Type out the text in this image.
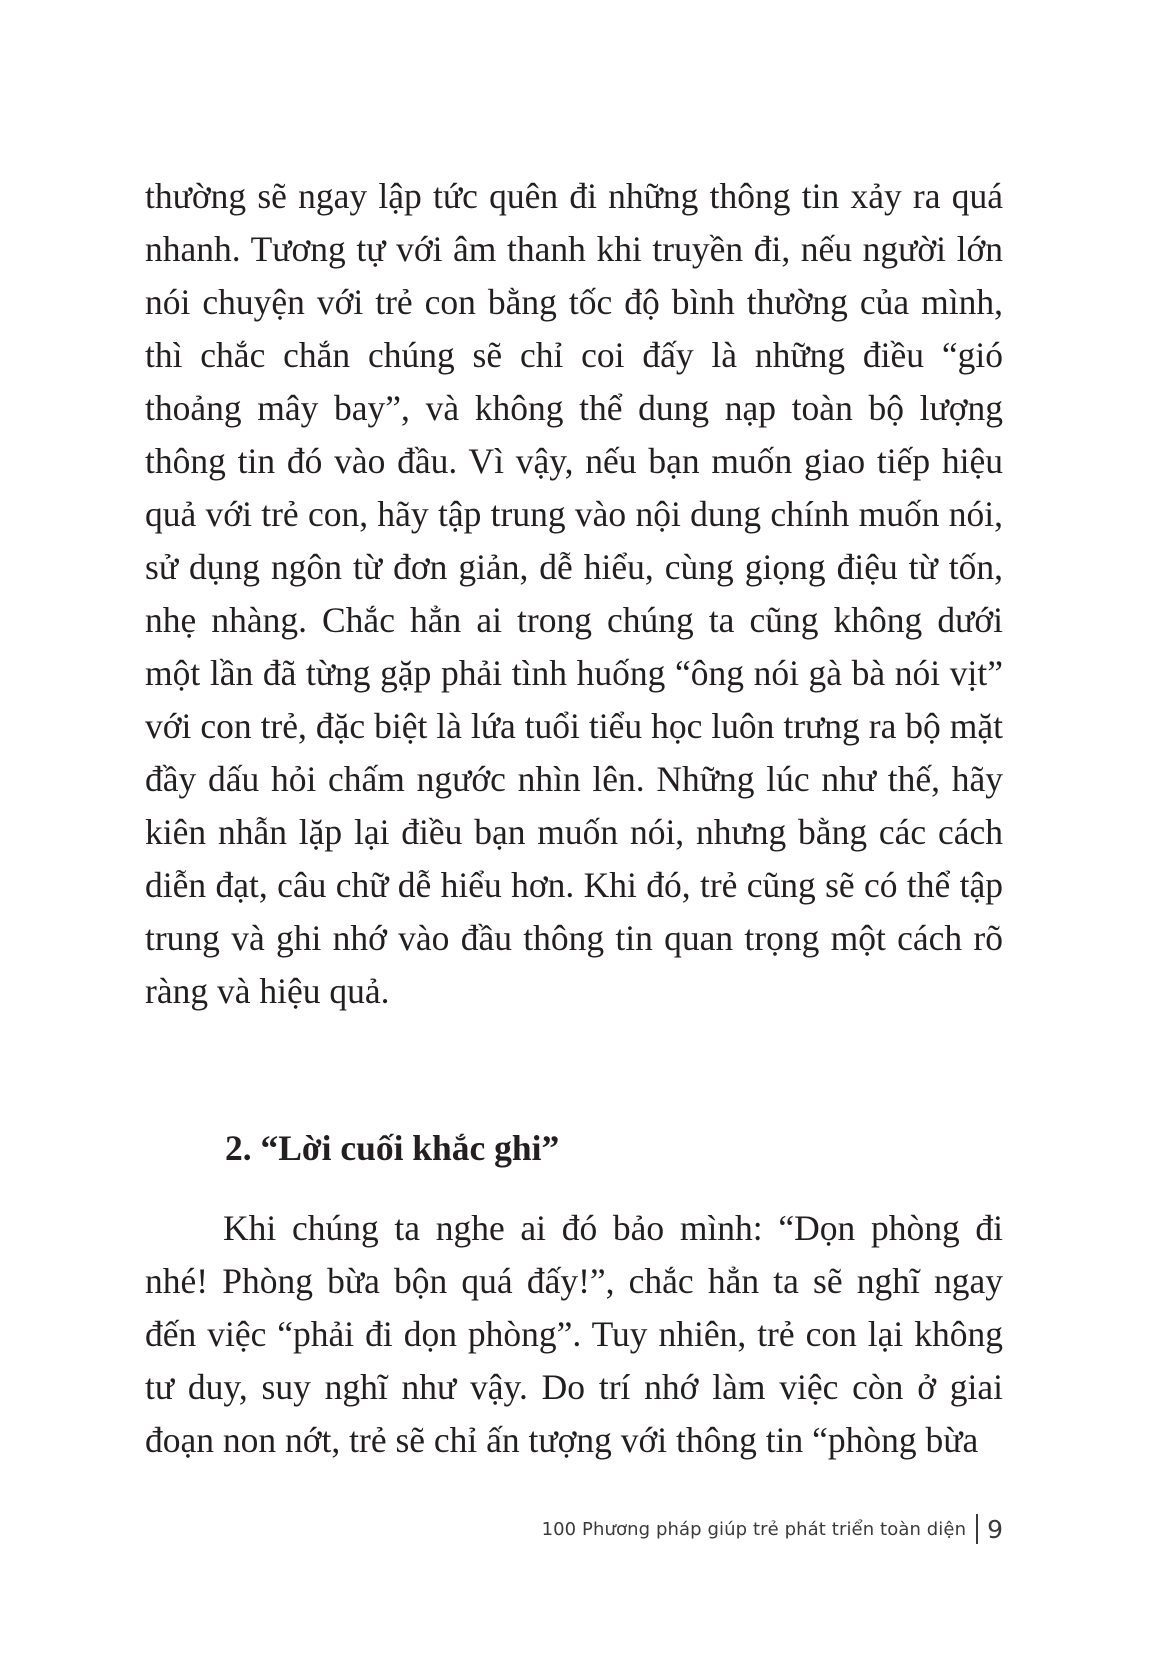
thường sẽ ngay lập tức quên đi những thông tin xảy ra quá nhanh. Tương tự với âm thanh khi truyền đi, nếu người lớn nói chuyện với trẻ con bằng tốc độ bình thường của mình, thì chắc chắn chúng sẽ chỉ coi đấy là những điều “gió thoảng mây bay”, và không thể dung nạp toàn bộ lượng thông tin đó vào đầu. Vì vậy, nếu bạn muốn giao tiếp hiệu quả với trẻ con, hãy tập trung vào nội dung chính muốn nói, sử dụng ngôn từ đơn giản, dễ hiểu, cùng giọng điệu từ tốn, nhẹ nhàng. Chắc hẳn ai trong chúng ta cũng không dưới một lần đã từng gặp phải tình huống “ông nói gà bà nói vịt” với con trẻ, đặc biệt là lứa tuổi tiểu học luôn trưng ra bộ mặt đầy dấu hỏi chấm ngước nhìn lên. Những lúc như thế, hãy kiên nhẫn lặp lại điều bạn muốn nói, nhưng bằng các cách diễn đạt, câu chữ dễ hiểu hơn. Khi đó, trẻ cũng sẽ có thể tập trung và ghi nhớ vào đầu thông tin quan trọng một cách rõ ràng và hiệu quả.

2. “Lời cuối khắc ghi”

Khi chúng ta nghe ai đó bảo mình: “Dọn phòng đi nhé! Phòng bừa bộn quá đấy!”, chắc hẳn ta sẽ nghĩ ngay đến việc “phải đi dọn phòng”. Tuy nhiên, trẻ con lại không tư duy, suy nghĩ như vậy. Do trí nhớ làm việc còn ở giai đoạn non nớt, trẻ sẽ chỉ ấn tượng với thông tin “phòng bừa

100 Phương pháp giúp trẻ phát triển toàn diện 9
